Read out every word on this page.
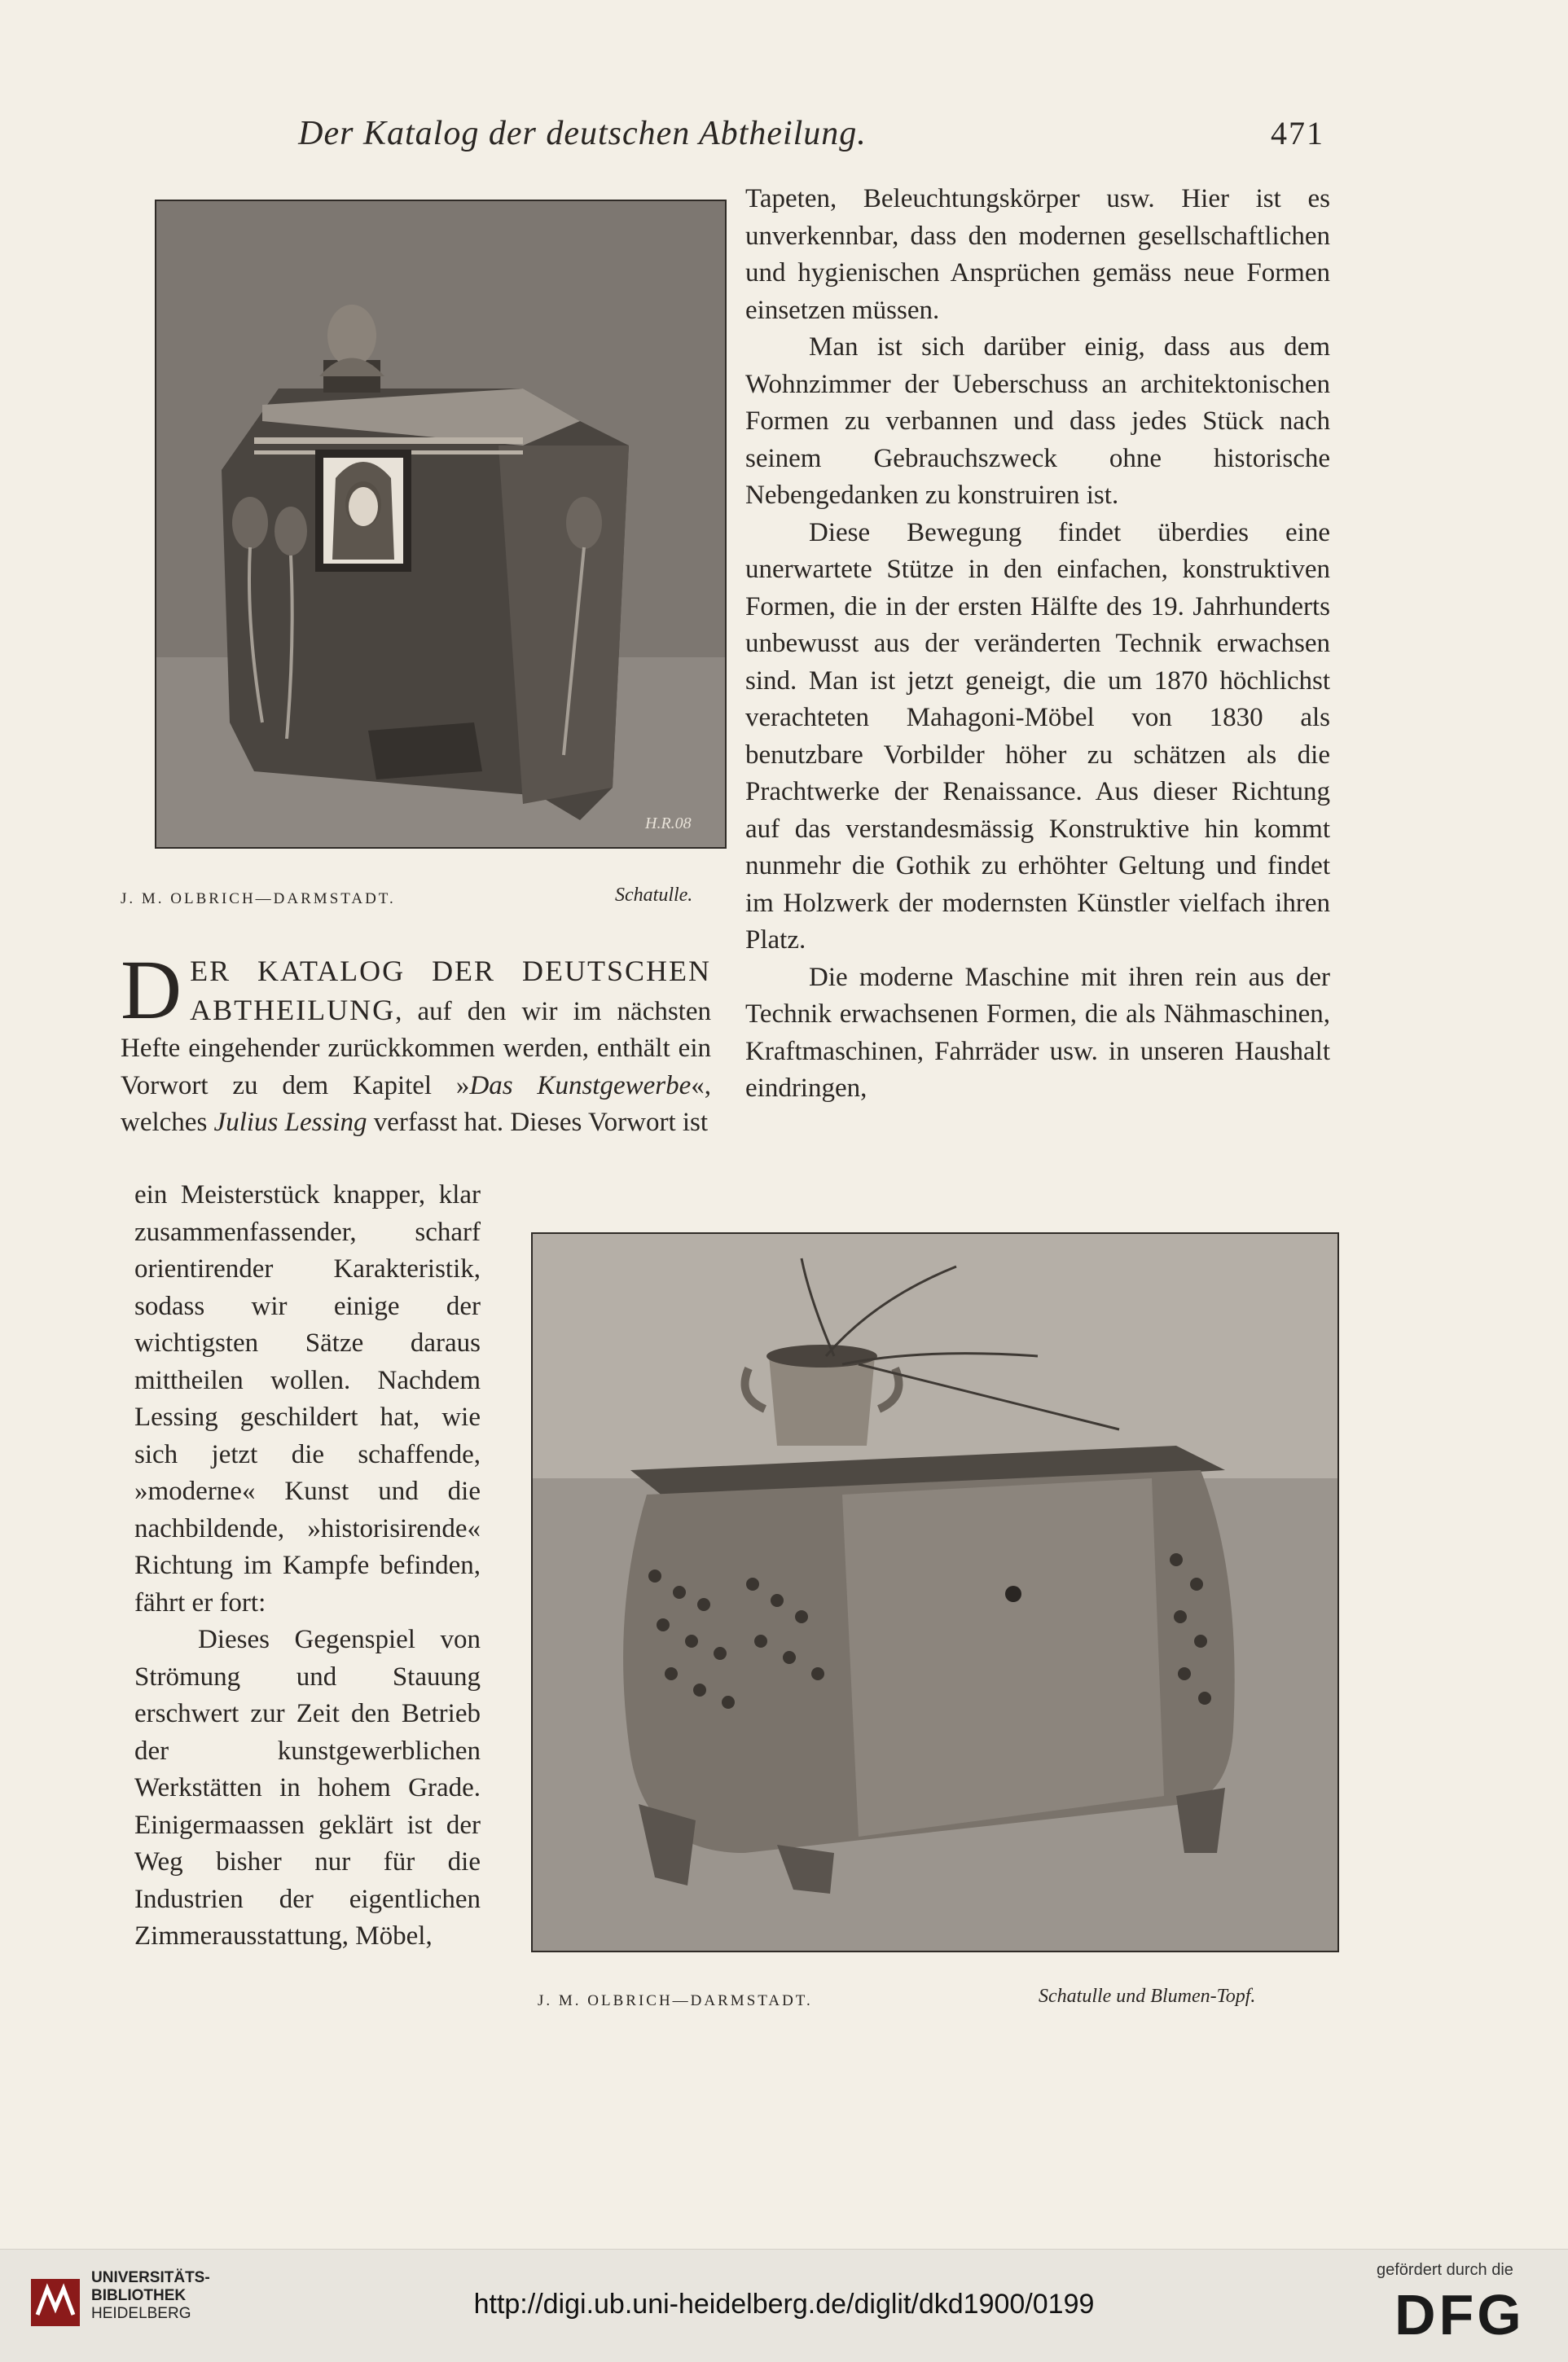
Der Katalog der deutschen Abtheilung.	471
H.R.08
J. M. OLBRICH—DARMSTADT.	Schatulle.

DER KATALOG DER DEUTSCHEN ABTHEILUNG, auf den wir im nächsten Hefte eingehender zurückkommen werden, enthält ein Vorwort zu dem Kapitel »Das Kunstgewerbe«, welches Julius Lessing verfasst hat. Dieses Vorwort ist

ein Meisterstück knapper, klar zusammenfassender, scharf orientirender Karakteristik, sodass wir einige der wichtigsten Sätze daraus mittheilen wollen. Nachdem Lessing geschildert hat, wie sich jetzt die schaffende, »moderne« Kunst und die nachbildende, »historisirende« Richtung im Kampfe befinden, fährt er fort:

Dieses Gegenspiel von Strömung und Stauung erschwert zur Zeit den Betrieb der kunstgewerblichen Werkstätten in hohem Grade. Einigermaassen geklärt ist der Weg bisher nur für die Industrien der eigentlichen Zimmerausstattung, Möbel,

Tapeten, Beleuchtungskörper usw. Hier ist es unverkennbar, dass den modernen gesellschaftlichen und hygienischen Ansprüchen gemäss neue Formen einsetzen müssen.

Man ist sich darüber einig, dass aus dem Wohnzimmer der Ueberschuss an architektonischen Formen zu verbannen und dass jedes Stück nach seinem Gebrauchszweck ohne historische Nebengedanken zu konstruiren ist.

Diese Bewegung findet überdies eine unerwartete Stütze in den einfachen, konstruktiven Formen, die in der ersten Hälfte des 19. Jahrhunderts unbewusst aus der veränderten Technik erwachsen sind. Man ist jetzt geneigt, die um 1870 höchlichst verachteten Mahagoni-Möbel von 1830 als benutzbare Vorbilder höher zu schätzen als die Prachtwerke der Renaissance. Aus dieser Richtung auf das verstandesmässig Konstruktive hin kommt nunmehr die Gothik zu erhöhter Geltung und findet im Holzwerk der modernsten Künstler vielfach ihren Platz.

Die moderne Maschine mit ihren rein aus der Technik erwachsenen Formen, die als Nähmaschinen, Kraftmaschinen, Fahrräder usw. in unseren Haushalt eindringen,

J. M. OLBRICH—DARMSTADT.	Schatulle und Blumen-Topf.
UNIVERSITÄTS-
BIBLIOTHEK
HEIDELBERG	http://digi.ub.uni-heidelberg.de/diglit/dkd1900/0199
gefördert durch die
DFG
